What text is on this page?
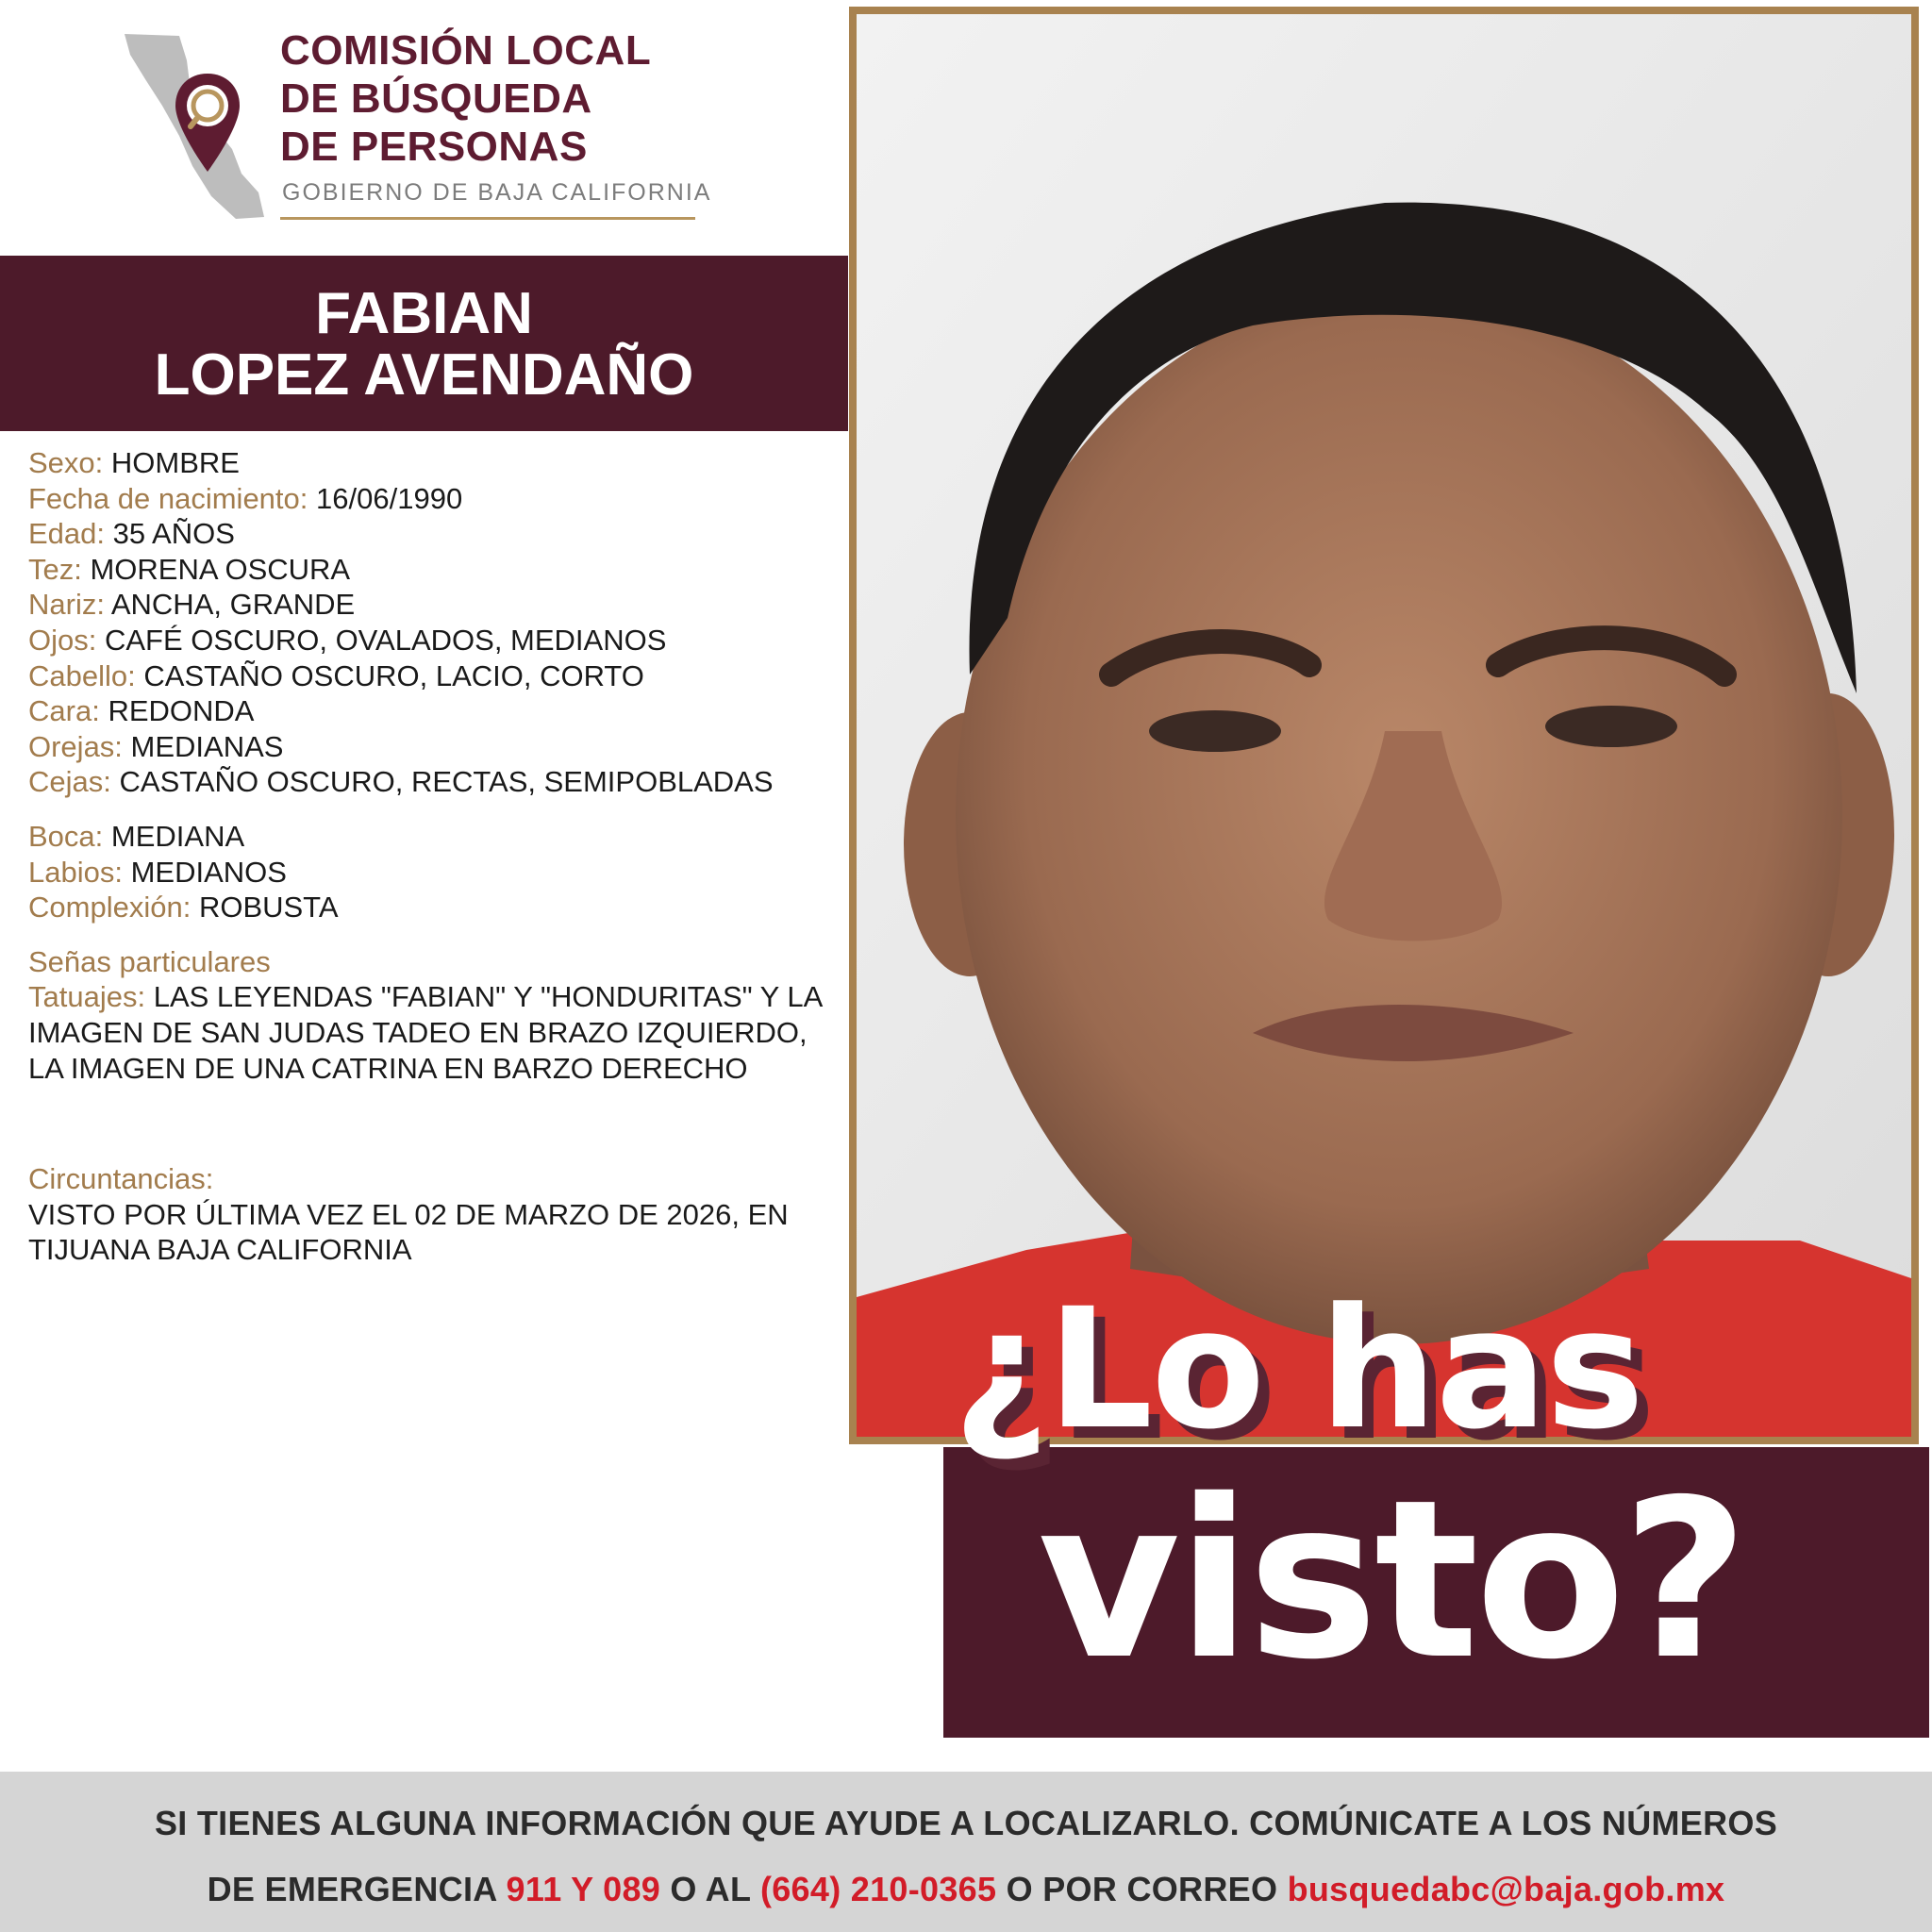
COMISIÓN LOCAL
DE BÚSQUEDA
DE PERSONAS
GOBIERNO DE BAJA CALIFORNIA
FABIAN
LOPEZ AVENDAÑO
Sexo: HOMBRE
Fecha de nacimiento: 16/06/1990
Edad: 35 AÑOS
Tez: MORENA OSCURA
Nariz: ANCHA, GRANDE
Ojos: CAFÉ OSCURO, OVALADOS, MEDIANOS
Cabello: CASTAÑO OSCURO, LACIO, CORTO
Cara: REDONDA
Orejas: MEDIANAS
Cejas: CASTAÑO OSCURO, RECTAS, SEMIPOBLADAS
Boca: MEDIANA
Labios: MEDIANOS
Complexión: ROBUSTA
Señas particulares
Tatuajes: LAS LEYENDAS "FABIAN" Y "HONDURITAS" Y LA IMAGEN DE SAN JUDAS TADEO EN BRAZO IZQUIERDO, LA IMAGEN DE UNA CATRINA EN BARZO DERECHO
Circuntancias:
VISTO POR ÚLTIMA VEZ EL 02 DE MARZO DE 2026, EN TIJUANA BAJA CALIFORNIA
¿Lo has
visto?
SI TIENES ALGUNA INFORMACIÓN QUE AYUDE A LOCALIZARLO. COMÚNICATE A LOS NÚMEROS
DE EMERGENCIA 911 Y 089 O AL (664) 210-0365 O POR CORREO busquedabc@baja.gob.mx
